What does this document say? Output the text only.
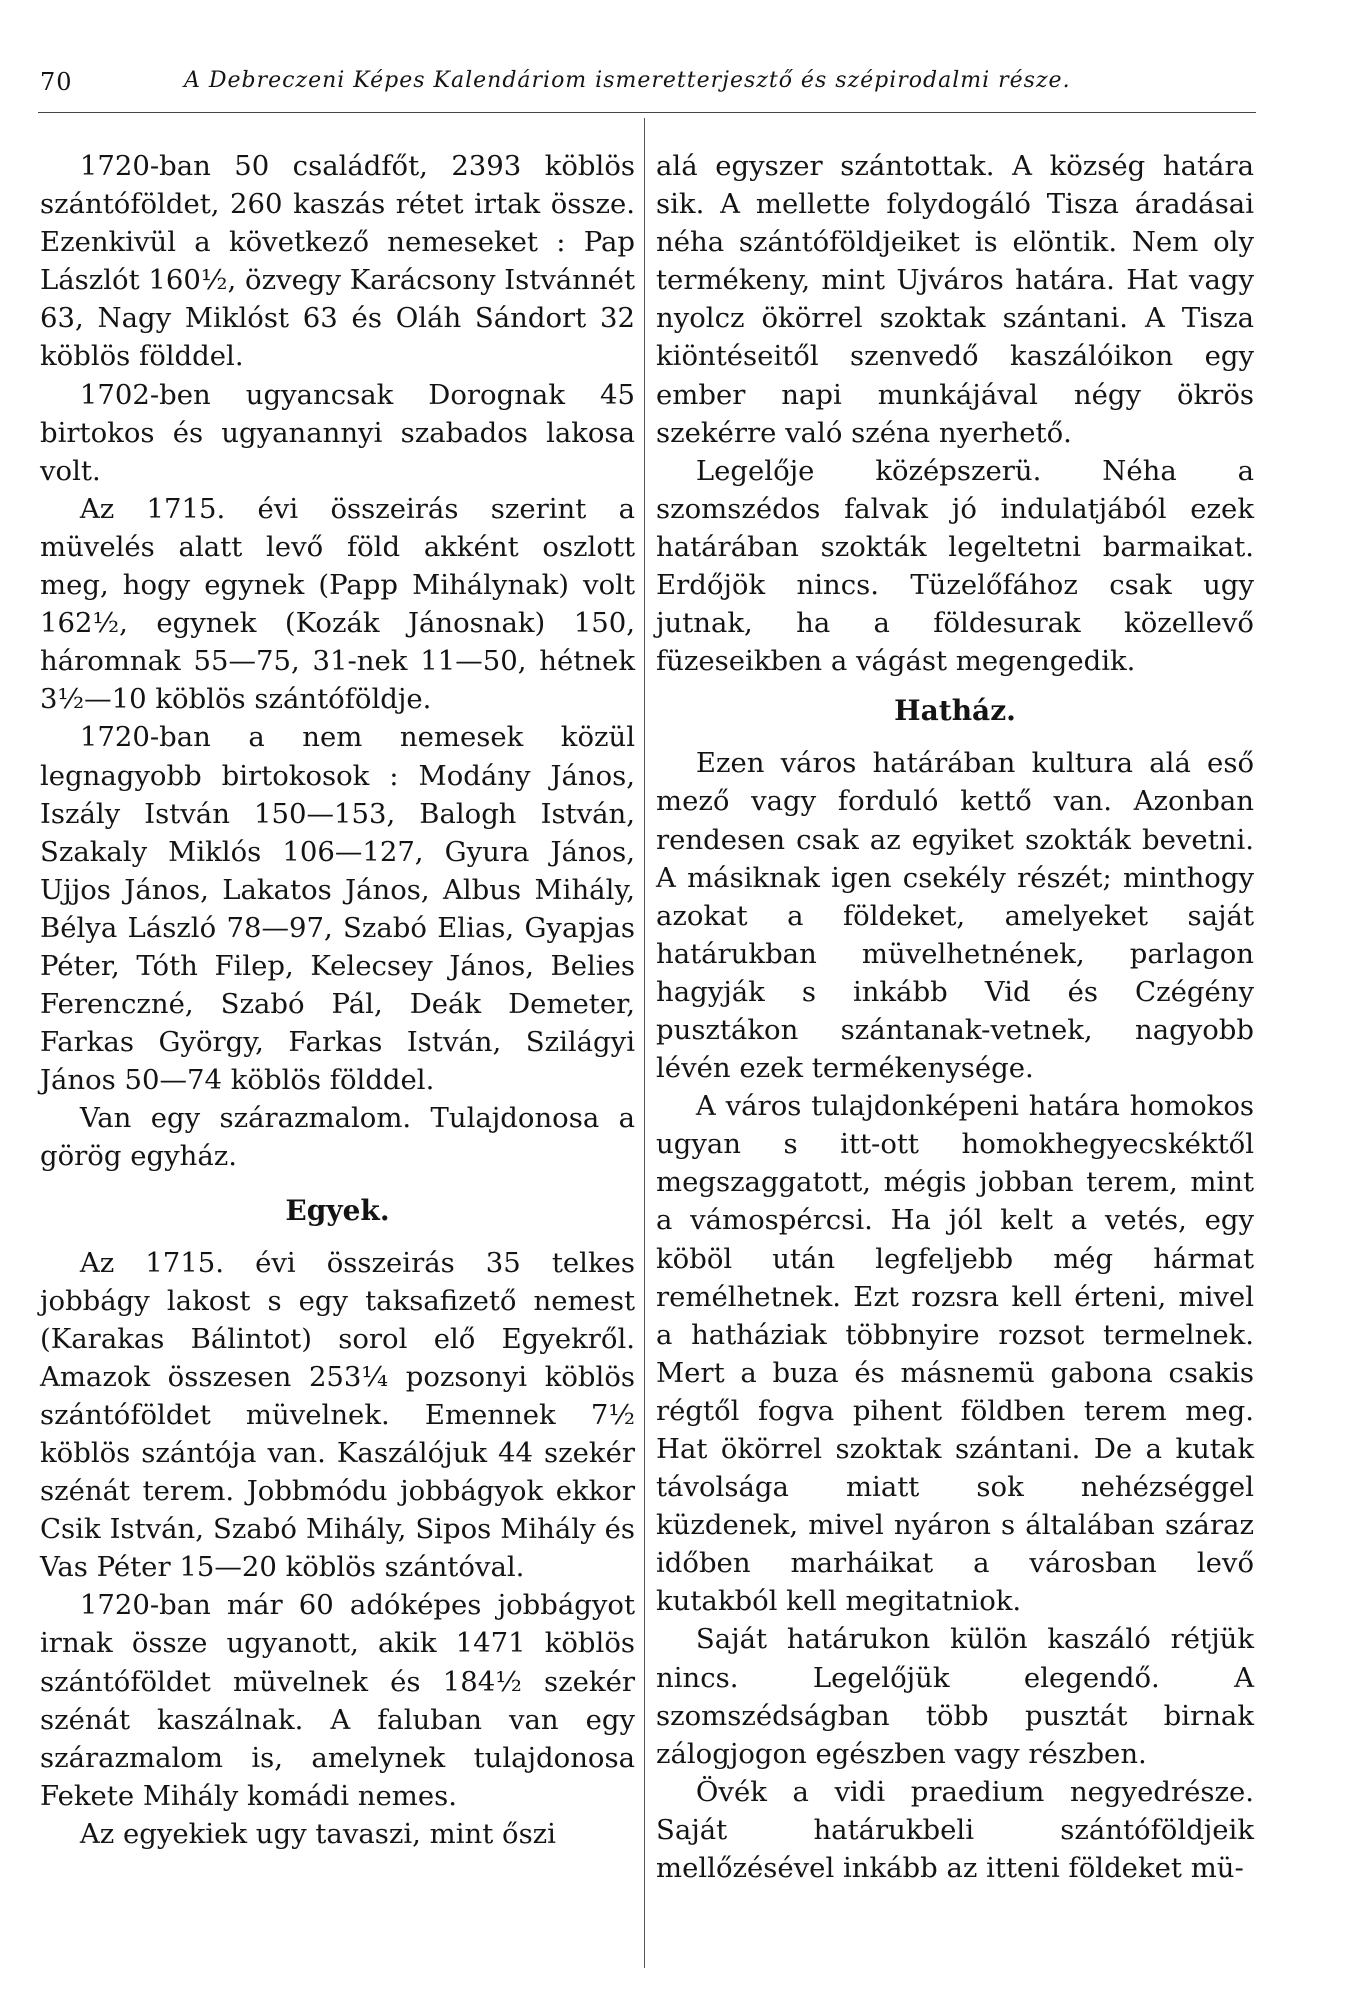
70	A Debreczeni Képes Kalendáriom ismeretterjesztő és szépirodalmi része.

1720-ban 50 családfőt, 2393 köblös szántóföldet, 260 kaszás rétet irtak össze. Ezenkivül a következő nemeseket : Pap Lászlót 160½, özvegy Karácsony Istvánnét 63, Nagy Miklóst 63 és Oláh Sándort 32 köblös földdel.

1702-ben ugyancsak Dorognak 45 birtokos és ugyanannyi szabados lakosa volt.

Az 1715. évi összeirás szerint a müvelés alatt levő föld akként oszlott meg, hogy egynek (Papp Mihálynak) volt 162½, egynek (Kozák Jánosnak) 150, háromnak 55—75, 31-nek 11—50, hétnek 3½—10 köblös szántóföldje.

1720-ban a nem nemesek közül legnagyobb birtokosok : Modány János, Iszály István 150—153, Balogh István, Szakaly Miklós 106—127, Gyura János, Ujjos János, Lakatos János, Albus Mihály, Bélya László 78—97, Szabó Elias, Gyapjas Péter, Tóth Filep, Kelecsey János, Belies Ferenczné, Szabó Pál, Deák Demeter, Farkas György, Farkas István, Szilágyi János 50—74 köblös földdel.

Van egy szárazmalom. Tulajdonosa a görög egyház.

Egyek.

Az 1715. évi összeirás 35 telkes jobbágy lakost s egy taksafizető nemest (Karakas Bálintot) sorol elő Egyekről. Amazok összesen 253¼ pozsonyi köblös szántóföldet müvelnek. Emennek 7½ köblös szántója van. Kaszálójuk 44 szekér szénát terem. Jobbmódu jobbágyok ekkor Csik István, Szabó Mihály, Sipos Mihály és Vas Péter 15—20 köblös szántóval.

1720-ban már 60 adóképes jobbágyot irnak össze ugyanott, akik 1471 köblös szántóföldet müvelnek és 184½ szekér szénát kaszálnak. A faluban van egy szárazmalom is, amelynek tulajdonosa Fekete Mihály komádi nemes.

Az egyekiek ugy tavaszi, mint őszi

alá egyszer szántottak. A község határa sik. A mellette folydogáló Tisza áradásai néha szántóföldjeiket is elöntik. Nem oly termékeny, mint Ujváros határa. Hat vagy nyolcz ökörrel szoktak szántani. A Tisza kiöntéseitől szenvedő kaszálóikon egy ember napi munkájával négy ökrös szekérre való széna nyerhető.

Legelője középszerü. Néha a szomszédos falvak jó indulatjából ezek határában szokták legeltetni barmaikat. Erdőjök nincs. Tüzelőfához csak ugy jutnak, ha a földesurak közellevő füzeseikben a vágást megengedik.

Hatház.

Ezen város határában kultura alá eső mező vagy forduló kettő van. Azonban rendesen csak az egyiket szokták bevetni. A másiknak igen csekély részét; minthogy azokat a földeket, amelyeket saját határukban müvelhetnének, parlagon hagyják s inkább Vid és Czégény pusztákon szántanak-vetnek, nagyobb lévén ezek termékenysége.

A város tulajdonképeni határa homokos ugyan s itt-ott homokhegyecskéktől megszaggatott, mégis jobban terem, mint a vámospércsi. Ha jól kelt a vetés, egy köböl után legfeljebb még hármat remélhetnek. Ezt rozsra kell érteni, mivel a hatháziak többnyire rozsot termelnek. Mert a buza és másnemü gabona csakis régtől fogva pihent földben terem meg. Hat ökörrel szoktak szántani. De a kutak távolsága miatt sok nehézséggel küzdenek, mivel nyáron s általában száraz időben marháikat a városban levő kutakból kell megitatniok.

Saját határukon külön kaszáló rétjük nincs. Legelőjük elegendő. A szomszédságban több pusztát birnak zálogjogon egészben vagy részben.

Övék a vidi praedium negyedrésze. Saját határukbeli szántóföldjeik mellőzésével inkább az itteni földeket mü-
